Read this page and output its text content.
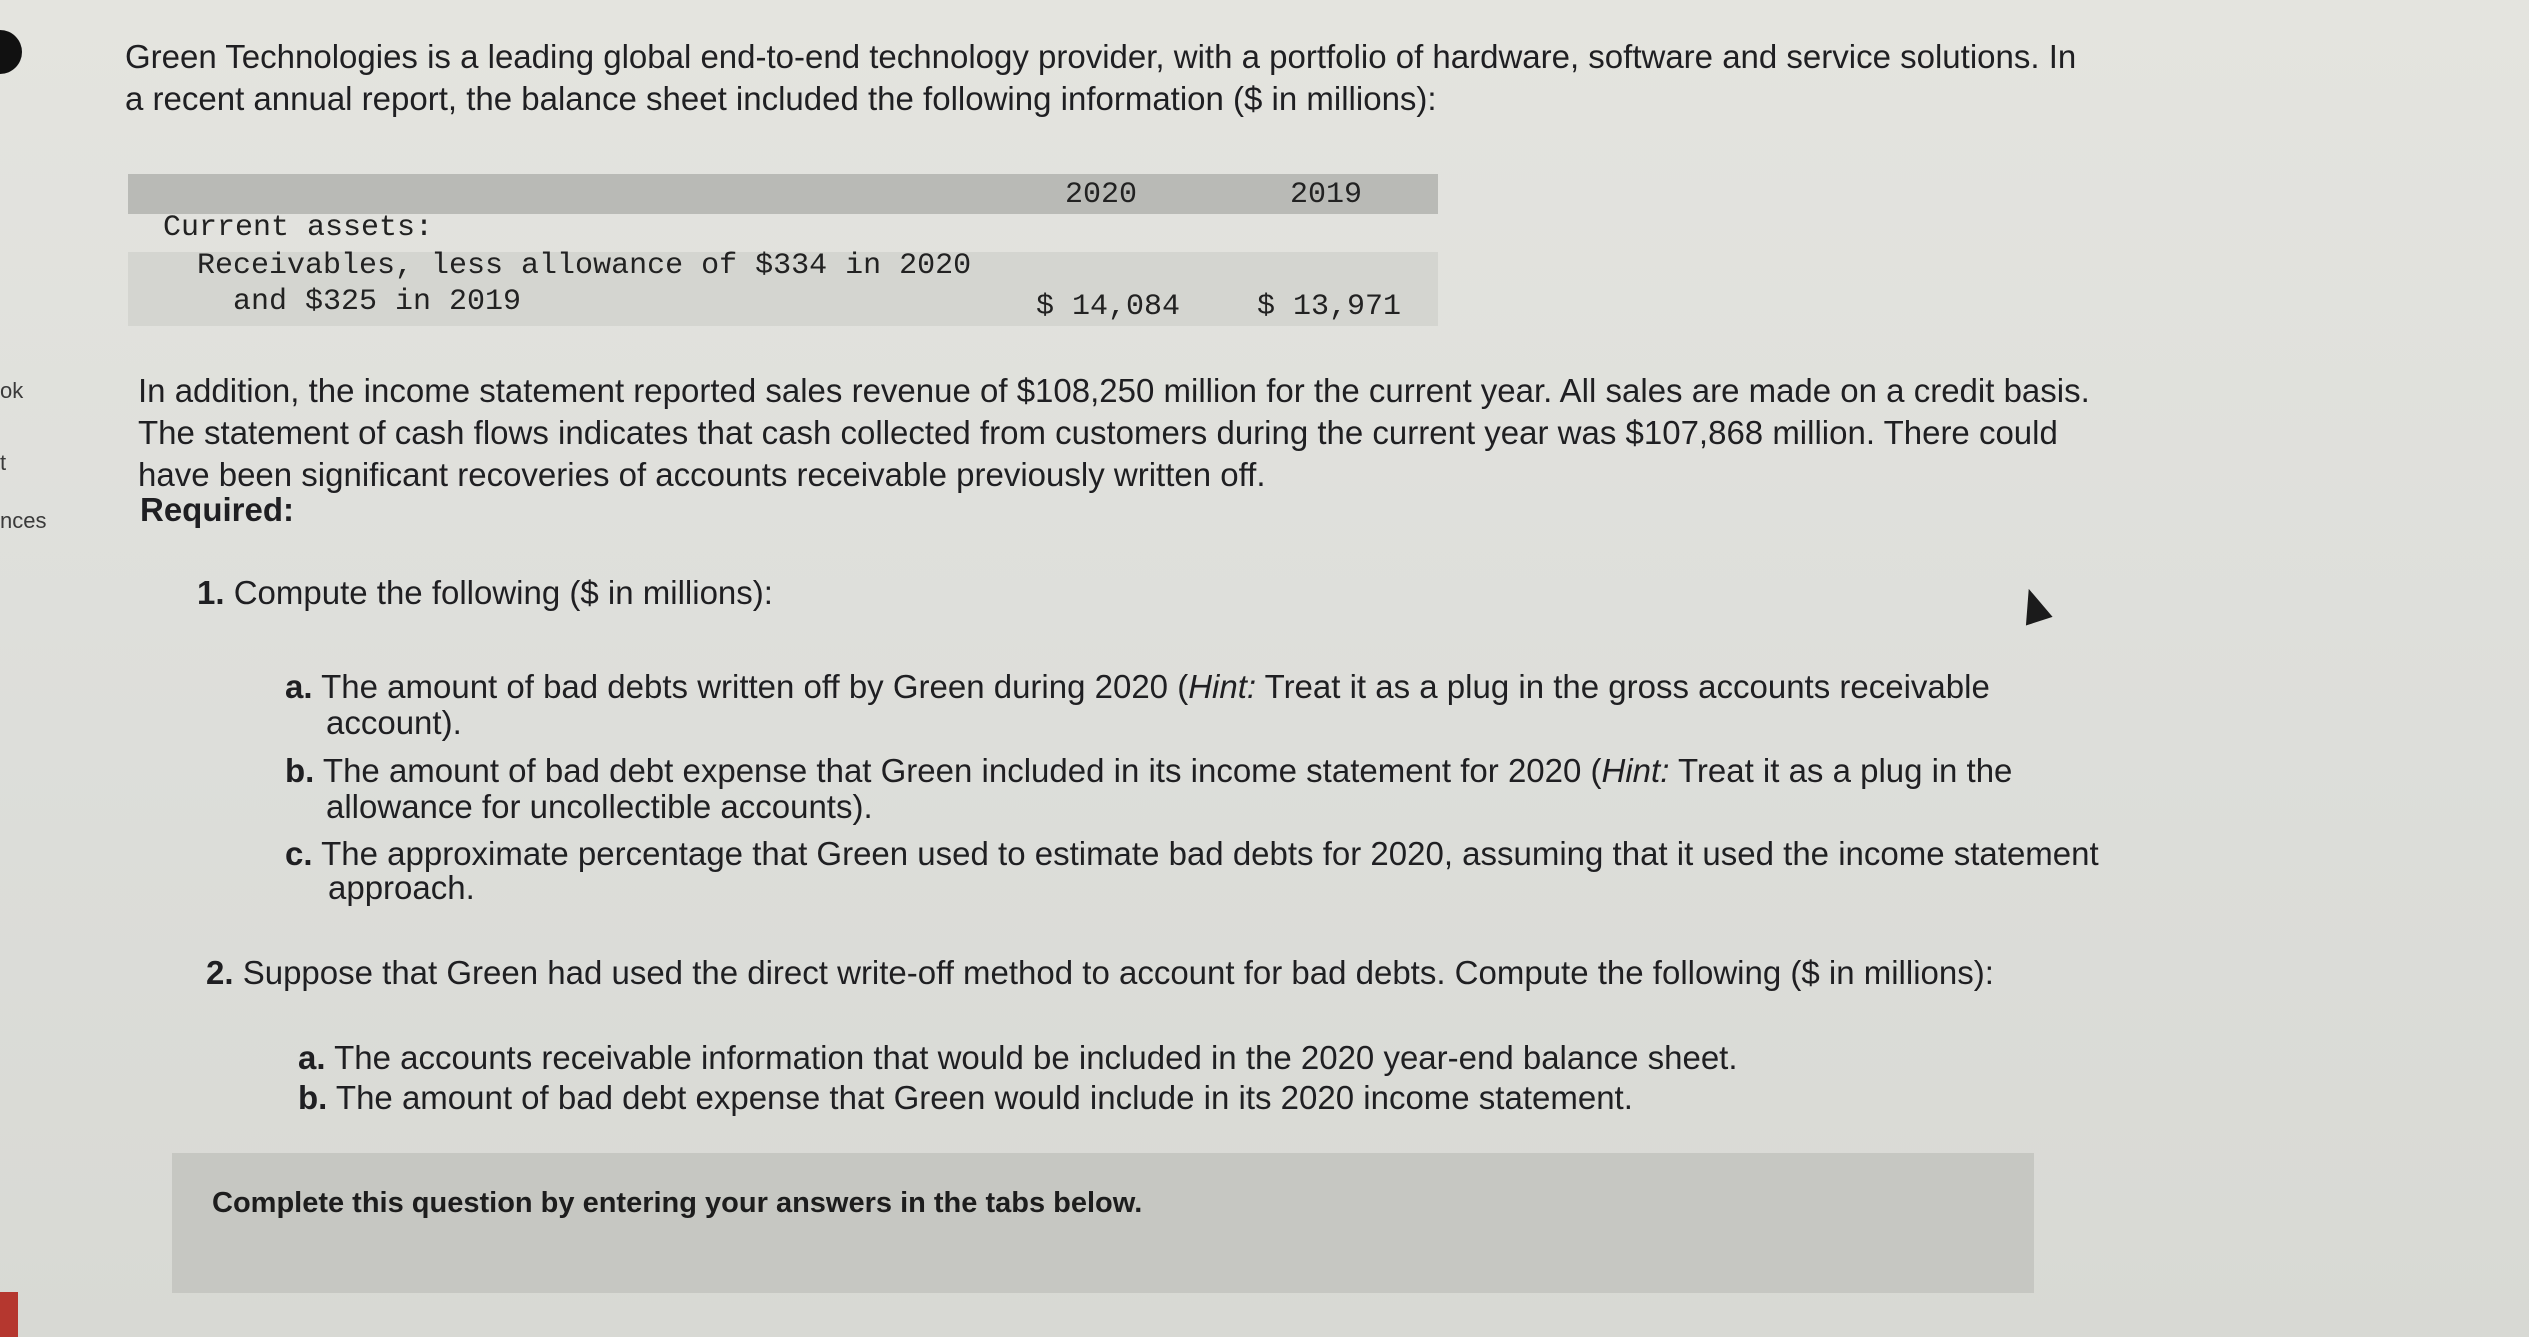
ok
t
nces

Green Technologies is a leading global end-to-end technology provider, with a portfolio of hardware, software and service solutions. In
a recent annual report, the balance sheet included the following information ($ in millions):

2020	2019
Current assets:
Receivables, less allowance of $334 in 2020
and $325 in 2019	$ 14,084	$ 13,971

In addition, the income statement reported sales revenue of $108,250 million for the current year. All sales are made on a credit basis.
The statement of cash flows indicates that cash collected from customers during the current year was $107,868 million. There could
have been significant recoveries of accounts receivable previously written off.

Required:
1. Compute the following ($ in millions):
a. The amount of bad debts written off by Green during 2020 (Hint: Treat it as a plug in the gross accounts receivable
account).
b. The amount of bad debt expense that Green included in its income statement for 2020 (Hint: Treat it as a plug in the
allowance for uncollectible accounts).
c. The approximate percentage that Green used to estimate bad debts for 2020, assuming that it used the income statement
approach.
2. Suppose that Green had used the direct write-off method to account for bad debts. Compute the following ($ in millions):
a. The accounts receivable information that would be included in the 2020 year-end balance sheet.
b. The amount of bad debt expense that Green would include in its 2020 income statement.
Complete this question by entering your answers in the tabs below.
